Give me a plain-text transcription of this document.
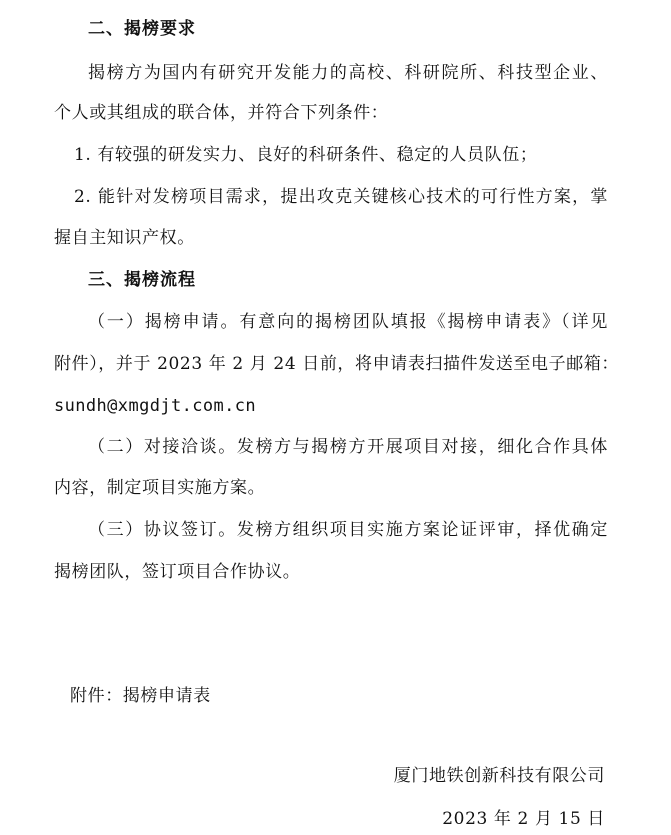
二、揭榜要求
揭榜方为国内有研究开发能力的高校、科研院所、科技型企业、
个人或其组成的联合体，并符合下列条件：
1. 有较强的研发实力、良好的科研条件、稳定的人员队伍；
2. 能针对发榜项目需求，提出攻克关键核心技术的可行性方案，掌
握自主知识产权。
三、揭榜流程
（一）揭榜申请。有意向的揭榜团队填报《揭榜申请表》（详见
附件），并于 2023 年 2 月 24 日前，将申请表扫描件发送至电子邮箱：
sundh@xmgdjt.com.cn
（二）对接洽谈。发榜方与揭榜方开展项目对接，细化合作具体
内容，制定项目实施方案。
（三）协议签订。发榜方组织项目实施方案论证评审，择优确定
揭榜团队，签订项目合作协议。
附件：揭榜申请表
厦门地铁创新科技有限公司
2023 年 2 月 15 日
